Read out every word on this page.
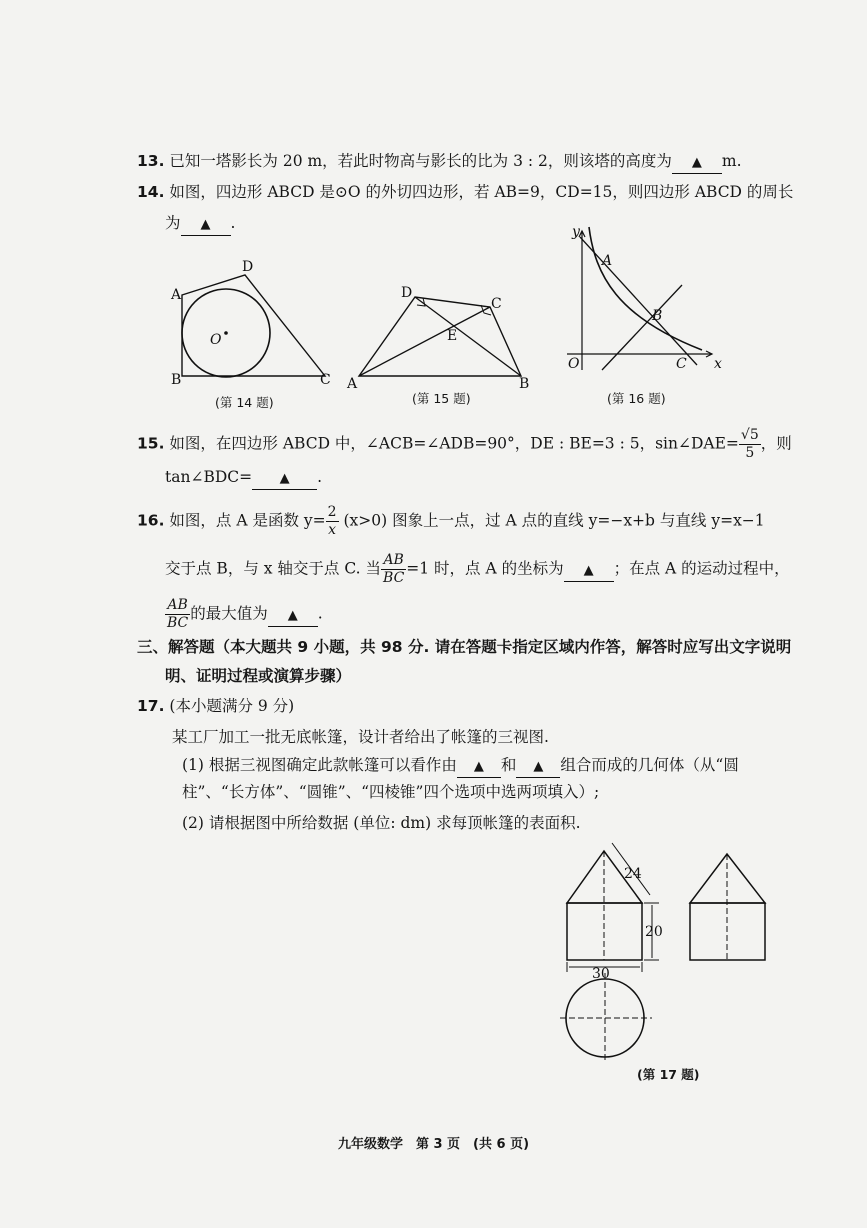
13. 已知一塔影长为 20 m，若此时物高与影长的比为 3 : 2，则该塔的高度为 ▲ m.
14. 如图，四边形 ABCD 是⊙O 的外切四边形，若 AB=9，CD=15，则四边形 ABCD 的周长
为 ▲ .
A
D
B	C
O
(第 14 题)
A
D
C
B
E
(第 15 题)
y
x
O
A
B
C
(第 16 题)
15. 如图，在四边形 ABCD 中，∠ACB=∠ADB=90°，DE : BE=3 : 5，sin∠DAE= $\frac{√5}{5}$ ，则
tan∠BDC= ▲ .
16. 如图，点 A 是函数 $y= \frac{2}{x} (x>0)$ 图象上一点，过 A 点的直线 y=−x+b 与直线 y=x−1
交于点 B，与 x 轴交于点 C. 当 $\frac{AB}{BC} =1$ 时，点 A 的坐标为 ▲ ；在点 A 的运动过程中，
$\frac{AB}{BC}$ 的最大值为 ▲ .
三、解答题（本大题共 9 小题，共 98 分. 请在答题卡指定区域内作答，解答时应写出文字说明
明、证明过程或演算步骤）
17. (本小题满分 9 分)
某工厂加工一批无底帐篷，设计者给出了帐篷的三视图.
(1) 根据三视图确定此款帐篷可以看作由 ▲ 和 ▲ 组合而成的几何体（从“圆
柱”、“长方体”、“圆锥”、“四棱锥”四个选项中选两项填入）;
(2) 请根据图中所给数据 (单位: dm) 求每顶帐篷的表面积.
24
20
30
(第 17 题)
九年级数学　第 3 页　(共 6 页)
